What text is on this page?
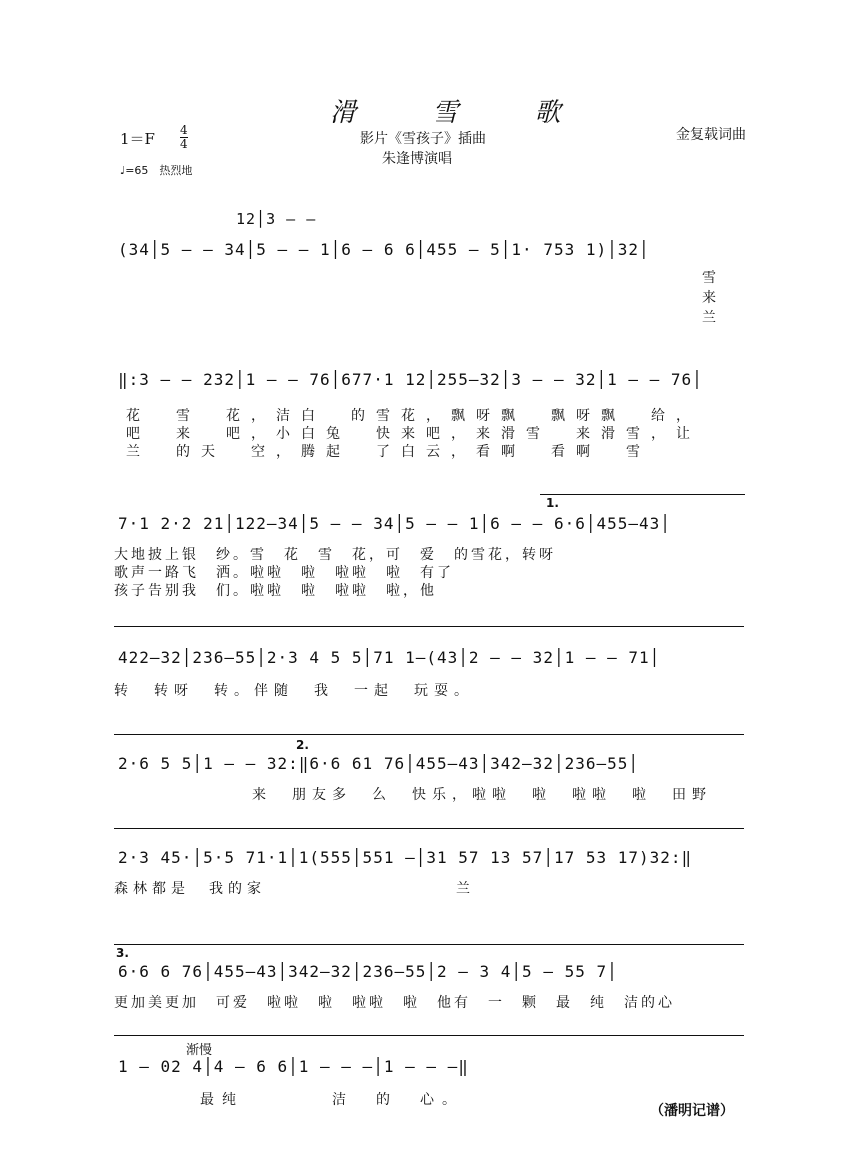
滑 雪 歌
影片《雪孩子》插曲
朱逢博演唱
金复载词曲
$1=F \frac{4}{4}$
♩=65　热烈地
12│3 – –
(34│5 – – 34│5 – – 1│6 – 6 6│455 – 5│1· 753 1)│32│
雪
来
兰
‖:3 – – 232│1 – – 76│677·1 12│255–32│3 – – 32│1 – – 76│
花　雪　花，洁白　的雪花，飘呀飘　飘呀飘　给，
吧　来　吧，小白兔　快来吧，来滑雪　来滑雪，让
兰　的天　空，腾起　了白云，看啊　看啊　雪
1.
7·1 2·2 21│122–34│5 – – 34│5 – – 1│6 – – 6·6│455–43│
大地披上银　纱。雪　花　雪　花，可　爱　的雪花，转呀
歌声一路飞　洒。啦啦　啦　啦啦　啦　有了
孩子告别我　们。啦啦　啦　啦啦　啦，他
422–32│236–55│2·3 4 5 5│71 1–(43│2 – – 32│1 – – 71│
转　转呀　转。伴随　我　一起　玩耍。
2.
2·6 5 5│1 – – 32:‖6·6 61 76│455–43│342–32│236–55│
来　朋友多　么　快乐，啦啦　啦　啦啦　啦　田野
2·3 45·│5·5 71·1│1(555│551 –│31 57 13 57│17 53 17)32:‖
森林都是　我的家　　　　　　　　　　兰
3.
6·6 6 76│455–43│342–32│236–55│2 – 3 4│5 – 55 7│
更加美更加　可爱　啦啦　啦　啦啦　啦　他有　一　颗　最　纯　洁的心
渐慢
1 – 02 4│4 – 6 6│1 – – –│1 – – –‖
最纯　　　　洁　的　心。
（潘明记谱）
